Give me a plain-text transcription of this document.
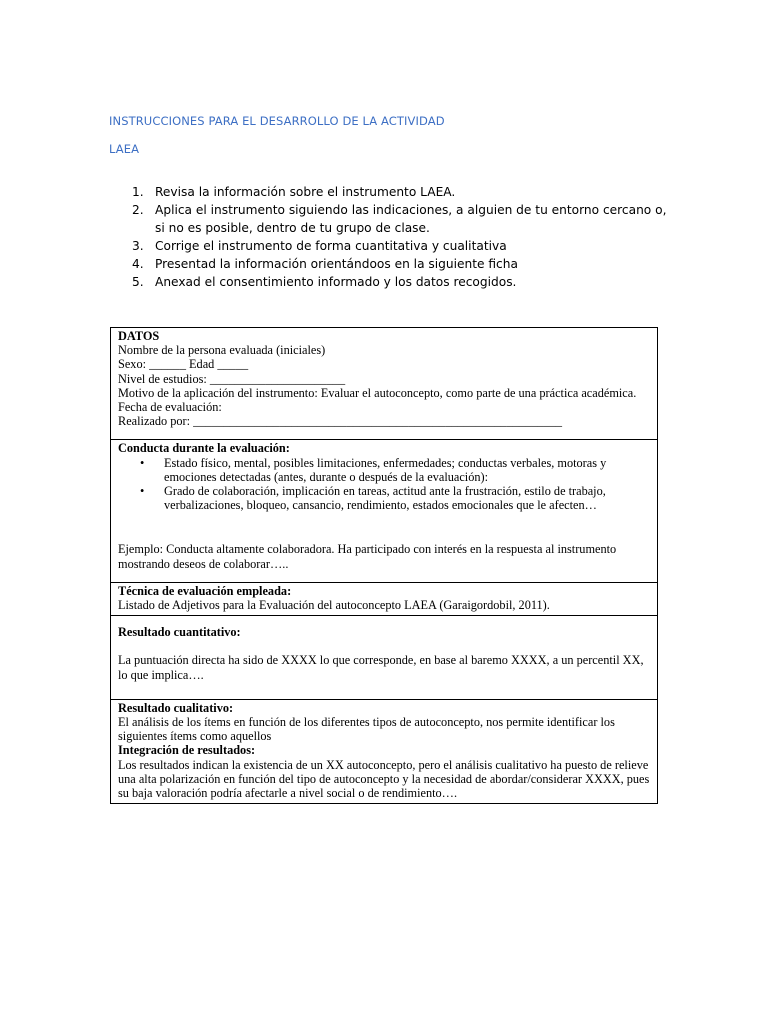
INSTRUCCIONES PARA EL DESARROLLO DE LA ACTIVIDAD
LAEA
1. Revisa la información sobre el instrumento LAEA.
2. Aplica el instrumento siguiendo las indicaciones, a alguien de tu entorno cercano o, si no es posible, dentro de tu grupo de clase.
3. Corrige el instrumento de forma cuantitativa y cualitativa
4. Presentad la información orientándoos en la siguiente ficha
5. Anexad el consentimiento informado y los datos recogidos.
DATOS
Nombre de la persona evaluada (iniciales)
Sexo: ______ Edad _____
Nivel de estudios: ______________________
Motivo de la aplicación del instrumento: Evaluar el autoconcepto, como parte de una práctica académica.
Fecha de evaluación:
Realizado por: ____________________________________________________________

Conducta durante la evaluación:
• Estado físico, mental, posibles limitaciones, enfermedades; conductas verbales, motoras y emociones detectadas (antes, durante o después de la evaluación):
• Grado de colaboración, implicación en tareas, actitud ante la frustración, estilo de trabajo, verbalizaciones, bloqueo, cansancio, rendimiento, estados emocionales que le afecten…
Ejemplo: Conducta altamente colaboradora. Ha participado con interés en la respuesta al instrumento mostrando deseos de colaborar…..

Técnica de evaluación empleada:
Listado de Adjetivos para la Evaluación del autoconcepto LAEA (Garaigordobil, 2011).

Resultado cuantitativo:
La puntuación directa ha sido de XXXX lo que corresponde, en base al baremo XXXX, a un percentil XX, lo que implica….

Resultado cualitativo:
El análisis de los ítems en función de los diferentes tipos de autoconcepto, nos permite identificar los siguientes ítems como aquellos
Integración de resultados:
Los resultados indican la existencia de un XX autoconcepto, pero el análisis cualitativo ha puesto de relieve una alta polarización en función del tipo de autoconcepto y la necesidad de abordar/considerar XXXX, pues su baja valoración podría afectarle a nivel social o de rendimiento….
